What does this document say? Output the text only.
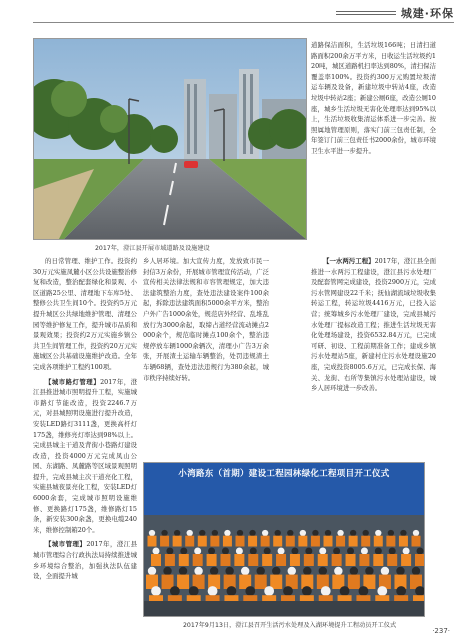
城建·环保
2017年，澄江县开展市域道路及设施建设

的日常管理、维护工作。投资约30万元实施凤麓小区公共设施整治修复和改造，整治配套绿化和景观、小区道路25公里、清理地下车库5处、整修公共卫生间10个。投资约5万元提升城区公共绿地维护管理、清理公园等维护修复工作，提升城市品质和景观效果；投资约2万元实施乡镇公共卫生间管理工作，投资约20万元实施城区公共基础设施维护改造。全年完成各项维护工程约100项。

【城市路灯管理】2017年，澄江县推进城市照明提升工程，实施城市路灯节能改造，投资2246.7万元，对县城照明设施进行提升改造，安装LED路灯3111盏，更换高杆灯175盏，维修亮灯率达到98%以上。完成县城主干道及背街小巷路灯建设改造，投资4000万元完成凤山公园、东湖路、凤麓路等区域景观照明提升，完成县城主次干道亮化工程，实施县城夜景亮化工程，安装LED灯6000余套，完成城市照明设施维修、更换路灯175盏，维修路灯15条，新安装300余盏，更换电缆240米，维修控制箱20个。

【城市管理】2017年，澄江县城市管理综合行政执法局持续推进城乡环境综合整治，加强执法队伍建设，全面提升城

乡人居环境。加大宣传力度，发放致市民一封信3万余份，开展城市管理宣传活动，广泛宣传相关法律法规和市容管理规定，加大违法建筑整治力度，查处违法建设案件100余起，拆除违法建筑面积5000余平方米，整治户外广告1000余处，规范店外经营、乱堆乱放行为3000余起，取缔占道经营流动摊点2000余个，规范临时摊点100余个，整治违规停放车辆1000余辆次，清理小广告3万余张，开展渣土运输车辆整治，处罚违规渣土车辆68辆，查处违法违规行为380余起，城市秩序持续好转。

道路保洁面积，生活垃圾166吨；日清扫道路面积200余万平方米，日收运生活垃圾约120吨，城区道路机扫率达到80%，清扫保洁覆盖率100%。投资约300万元购置垃圾清运车辆及设备，新建垃圾中转站4座，改造垃圾中转站2座；新建公厕6座，改造公厕10座，城乡生活垃圾无害化处理率达到95%以上，生活垃圾收集清运体系进一步完善。按照属地管理原则，落实门前三包责任制，全年签订门前三包责任书2000余份，城市环境卫生水平进一步提升。

【一水两污工程】2017年，澄江县全面推进一水两污工程建设，澄江县污水处理厂及配套管网完成建设，投资2900万元，完成污水管网建设22千米；抚仙湖流域垃圾收集转运工程，转运垃圾4416万元，已投入运营；统筹城乡污水处理厂建设，完成县城污水处理厂提标改造工程；推进生活垃圾无害化处理场建设，投资6532.84万元，已完成可研、初设、工程前期准备工作；建成乡镇污水处理站5座，新建村庄污水处理设施20座，完成投资8005.6万元，已完成长保、海关、龙街、右所等集镇污水处理站建设，城乡人居环境进一步改善。

小湾路东（首期）建设工程园林绿化工程项目开工仪式
2017年9月13日，澄江县召开生活污水处理及入湖环境提升工程动员开工仪式
·237·
